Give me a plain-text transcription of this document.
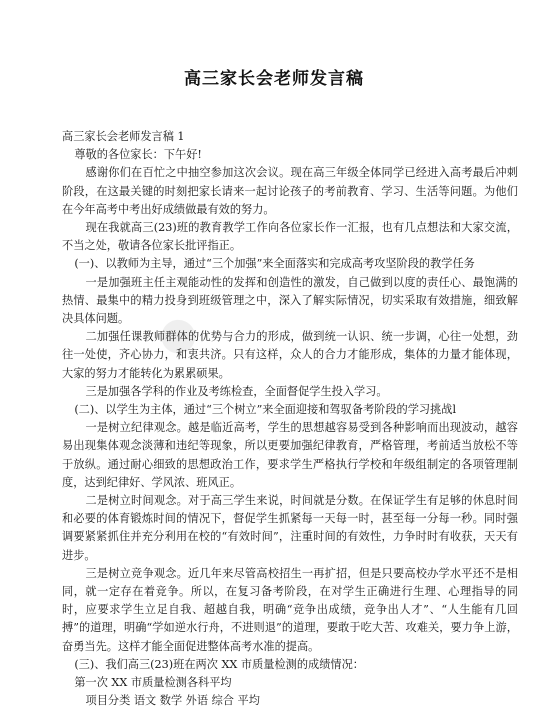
●
高三家长会老师发言稿

高三家长会老师发言稿 1

尊敬的各位家长：下午好!

感谢你们在百忙之中抽空参加这次会议。现在高三年级全体同学已经进入高考最后冲刺阶段，在这最关键的时刻把家长请来一起讨论孩子的考前教育、学习、生活等问题。为他们在今年高考中考出好成绩做最有效的努力。

现在我就高三(23)班的教育教学工作向各位家长作一汇报，也有几点想法和大家交流，不当之处，敬请各位家长批评指正。

(一)、以教师为主导，通过“三个加强”来全面落实和完成高考攻坚阶段的教学任务

一是加强班主任主观能动性的发挥和创造性的激发，自己做到以度的责任心、最饱满的热情、最集中的精力投身到班级管理之中，深入了解实际情况，切实采取有效措施，细致解决具体问题。

二加强任课教师群体的优势与合力的形成，做到统一认识、统一步调，心往一处想，劲往一处使，齐心协力，和衷共济。只有这样，众人的合力才能形成，集体的力量才能体现，大家的努力才能转化为累累硕果。

三是加强各学科的作业及考练检查，全面督促学生投入学习。

(二)、以学生为主体，通过“三个树立”来全面迎接和驾驭备考阶段的学习挑战l

一是树立纪律观念。越是临近高考，学生的思想越容易受到各种影响而出现波动，越容易出现集体观念淡薄和违纪等现象，所以更要加强纪律教育，严格管理，考前适当放松不等于放纵。通过耐心细致的思想政治工作，要求学生严格执行学校和年级组制定的各项管理制度，达到纪律好、学风浓、班风正。

二是树立时间观念。对于高三学生来说，时间就是分数。在保证学生有足够的休息时间和必要的体育锻炼时间的情况下，督促学生抓紧每一天每一时，甚至每一分每一秒。同时强调要紧紧抓住并充分利用在校的“有效时间”，注重时间的有效性，力争时时有收获，天天有进步。

三是树立竞争观念。近几年来尽管高校招生一再扩招，但是只要高校办学水平还不是相同，就一定存在着竞争。所以，在复习备考阶段，在对学生正确进行生理、心理指导的同时，应要求学生立足自我、超越自我，明确“竞争出成绩，竞争出人才”、“人生能有几回搏”的道理，明确“学如逆水行舟，不进则退”的道理，要敢于吃大苦、攻难关，要力争上游，奋勇当先。这样才能全面促进整体高考水准的提高。

(三)、我们高三(23)班在两次 XX 市质量检测的成绩情况：

第一次 XX 市质量检测各科平均

项目分类 语文 数学 外语 综合 平均
